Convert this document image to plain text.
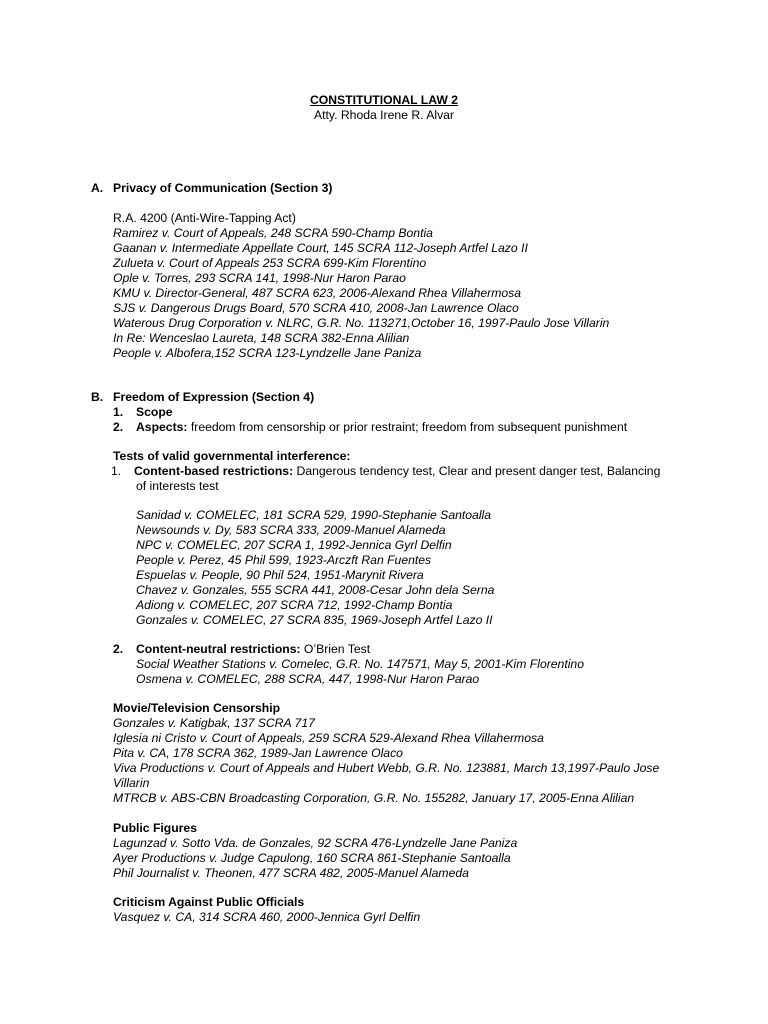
CONSTITUTIONAL LAW 2
Atty. Rhoda Irene R. Alvar
A. Privacy of Communication (Section 3)
R.A. 4200 (Anti-Wire-Tapping Act)
Ramirez v. Court of Appeals, 248 SCRA 590-Champ Bontia
Gaanan v. Intermediate Appellate Court, 145 SCRA 112-Joseph Artfel Lazo II
Zulueta v. Court of Appeals 253 SCRA 699-Kim Florentino
Ople v. Torres, 293 SCRA 141, 1998-Nur Haron Parao
KMU v. Director-General, 487 SCRA 623, 2006-Alexand Rhea Villahermosa
SJS v. Dangerous Drugs Board, 570 SCRA 410, 2008-Jan Lawrence Olaco
Waterous Drug Corporation v. NLRC, G.R. No. 113271,October 16, 1997-Paulo Jose Villarin
In Re: Wenceslao Laureta, 148 SCRA 382-Enna Alilian
People v. Albofera,152 SCRA 123-Lyndzelle Jane Paniza
B. Freedom of Expression (Section 4)
1. Scope
2. Aspects: freedom from censorship or prior restraint; freedom from subsequent punishment
Tests of valid governmental interference:
1. Content-based restrictions: Dangerous tendency test, Clear and present danger test, Balancing
of interests test
Sanidad v. COMELEC, 181 SCRA 529, 1990-Stephanie Santoalla
Newsounds v. Dy, 583 SCRA 333, 2009-Manuel Alameda
NPC v. COMELEC, 207 SCRA 1, 1992-Jennica Gyrl Delfin
People v. Perez, 45 Phil 599, 1923-Arczft Ran Fuentes
Espuelas v. People, 90 Phil 524, 1951-Marynit Rivera
Chavez v. Gonzales, 555 SCRA 441, 2008-Cesar John dela Serna
Adiong v. COMELEC, 207 SCRA 712, 1992-Champ Bontia
Gonzales v. COMELEC, 27 SCRA 835, 1969-Joseph Artfel Lazo II
2. Content-neutral restrictions: O’Brien Test
Social Weather Stations v. Comelec, G.R. No. 147571, May 5, 2001-Kim Florentino
Osmena v. COMELEC, 288 SCRA, 447, 1998-Nur Haron Parao
Movie/Television Censorship
Gonzales v. Katigbak, 137 SCRA 717
Iglesia ni Cristo v. Court of Appeals, 259 SCRA 529-Alexand Rhea Villahermosa
Pita v. CA, 178 SCRA 362, 1989-Jan Lawrence Olaco
Viva Productions v. Court of Appeals and Hubert Webb, G.R. No. 123881, March 13,1997-Paulo Jose
Villarin
MTRCB v. ABS-CBN Broadcasting Corporation, G.R. No. 155282, January 17, 2005-Enna Alilian
Public Figures
Lagunzad v. Sotto Vda. de Gonzales, 92 SCRA 476-Lyndzelle Jane Paniza
Ayer Productions v. Judge Capulong, 160 SCRA 861-Stephanie Santoalla
Phil Journalist v. Theonen, 477 SCRA 482, 2005-Manuel Alameda
Criticism Against Public Officials
Vasquez v. CA, 314 SCRA 460, 2000-Jennica Gyrl Delfin
